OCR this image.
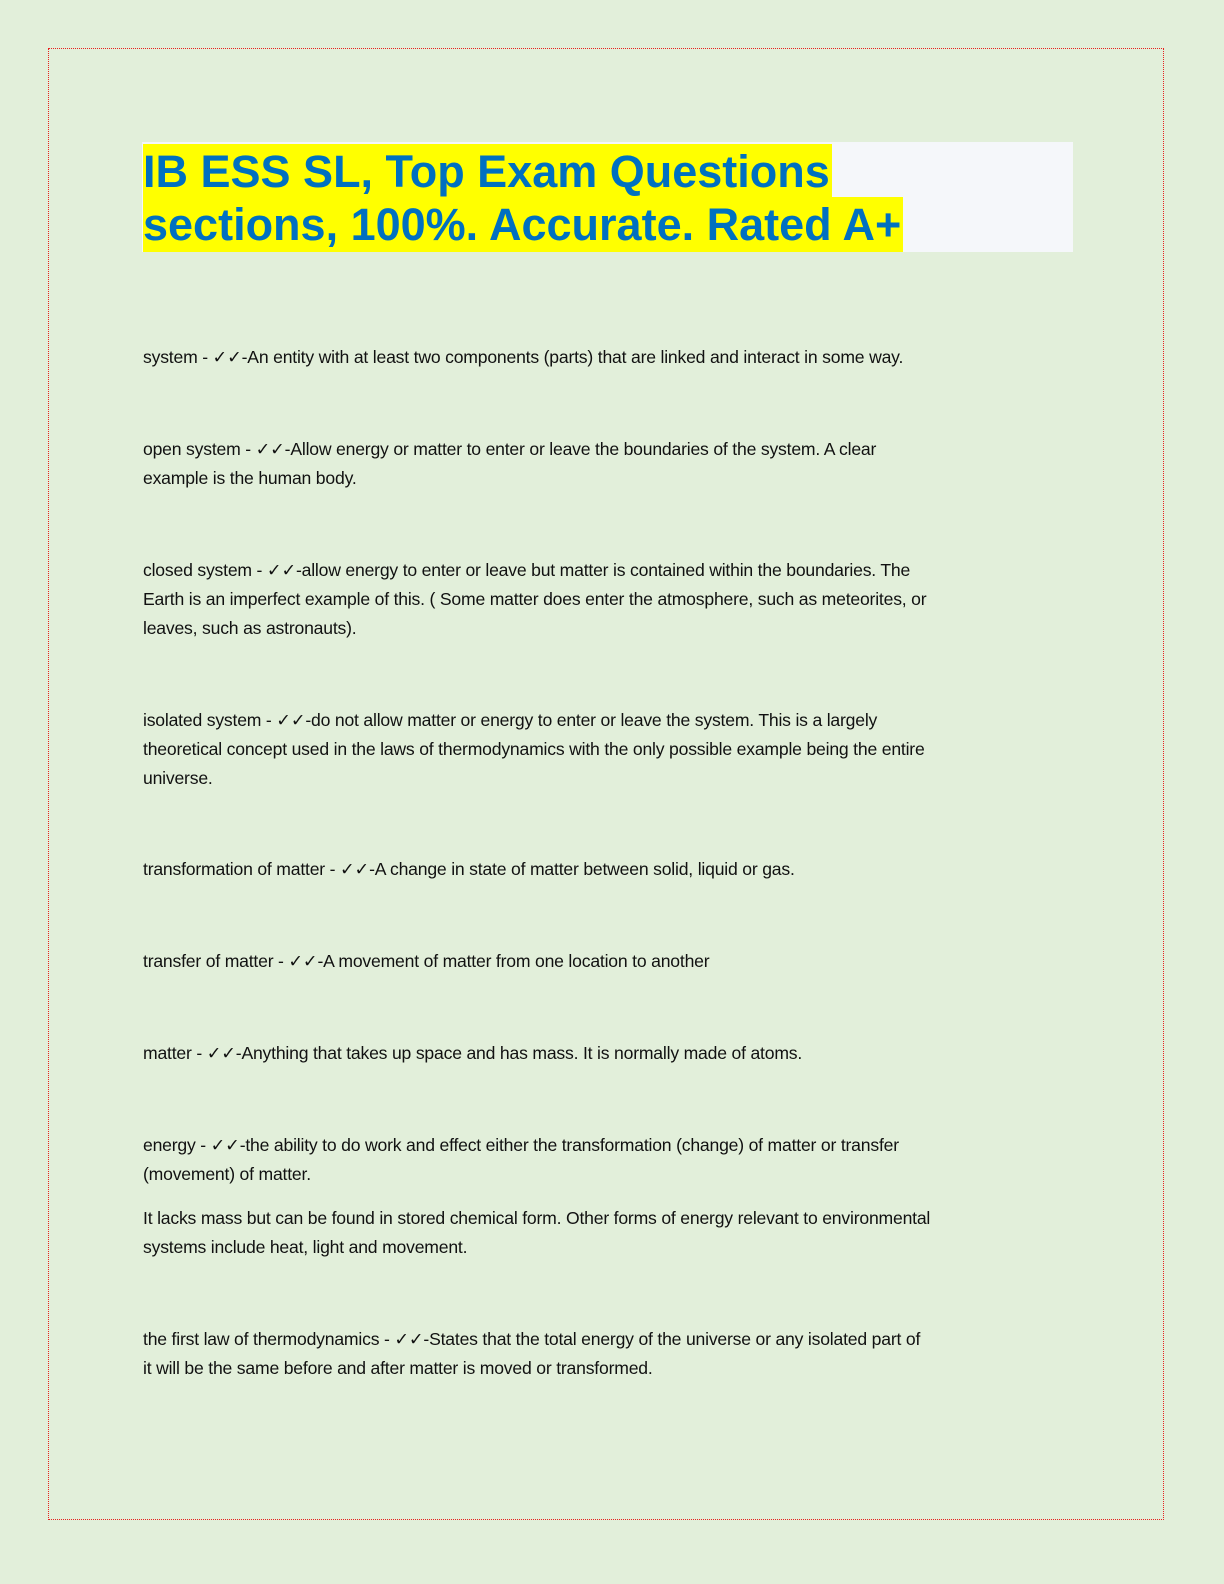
IB ESS SL, Top Exam Questions
sections, 100%. Accurate. Rated A+
system - ✓✓-An entity with at least two components (parts) that are linked and interact in some way.
open system - ✓✓-Allow energy or matter to enter or leave the boundaries of the system. A clear
example is the human body.
closed system - ✓✓-allow energy to enter or leave but matter is contained within the boundaries. The
Earth is an imperfect example of this. ( Some matter does enter the atmosphere, such as meteorites, or
leaves, such as astronauts).
isolated system - ✓✓-do not allow matter or energy to enter or leave the system. This is a largely
theoretical concept used in the laws of thermodynamics with the only possible example being the entire
universe.
transformation of matter - ✓✓-A change in state of matter between solid, liquid or gas.
transfer of matter - ✓✓-A movement of matter from one location to another
matter - ✓✓-Anything that takes up space and has mass. It is normally made of atoms.
energy - ✓✓-the ability to do work and effect either the transformation (change) of matter or transfer
(movement) of matter.
It lacks mass but can be found in stored chemical form. Other forms of energy relevant to environmental
systems include heat, light and movement.
the first law of thermodynamics - ✓✓-States that the total energy of the universe or any isolated part of
it will be the same before and after matter is moved or transformed.
